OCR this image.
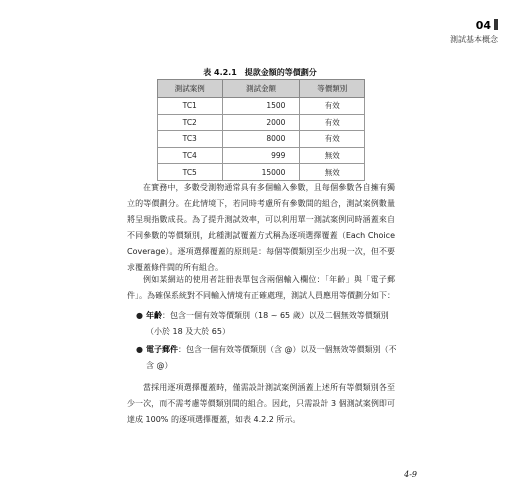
04
測試基本概念
表 4.2.1　提款金額的等價劃分
測試案例	測試金額	等價類別
TC1	1500	有效
TC2	2000	有效
TC3	8000	有效
TC4	999	無效
TC5	15000	無效
在實務中，多數受測物通常具有多個輸入參數，且每個參數各自擁有獨立的等價劃分。在此情境下，若同時考慮所有參數間的組合，測試案例數量將呈現指數成長。為了提升測試效率，可以利用單一測試案例同時涵蓋來自不同參數的等價類別，此種測試覆蓋方式稱為逐項選擇覆蓋（Each Choice Coverage）。逐項選擇覆蓋的原則是：每個等價類別至少出現一次，但不要求覆蓋條件間的所有組合。
例如某網站的使用者註冊表單包含兩個輸入欄位：「年齡」與「電子郵件」。為確保系統對不同輸入情境有正確處理，測試人員應用等價劃分如下：
● 年齡：包含一個有效等價類別（18 ~ 65 歲）以及二個無效等價類別（小於 18 及大於 65）
● 電子郵件：包含一個有效等價類別（含 @）以及一個無效等價類別（不含 @）
當採用逐項選擇覆蓋時，僅需設計測試案例涵蓋上述所有等價類別各至少一次，而不需考慮等價類別間的組合。因此，只需設計 3 個測試案例即可達成 100% 的逐項選擇覆蓋，如表 4.2.2 所示。
4-9
